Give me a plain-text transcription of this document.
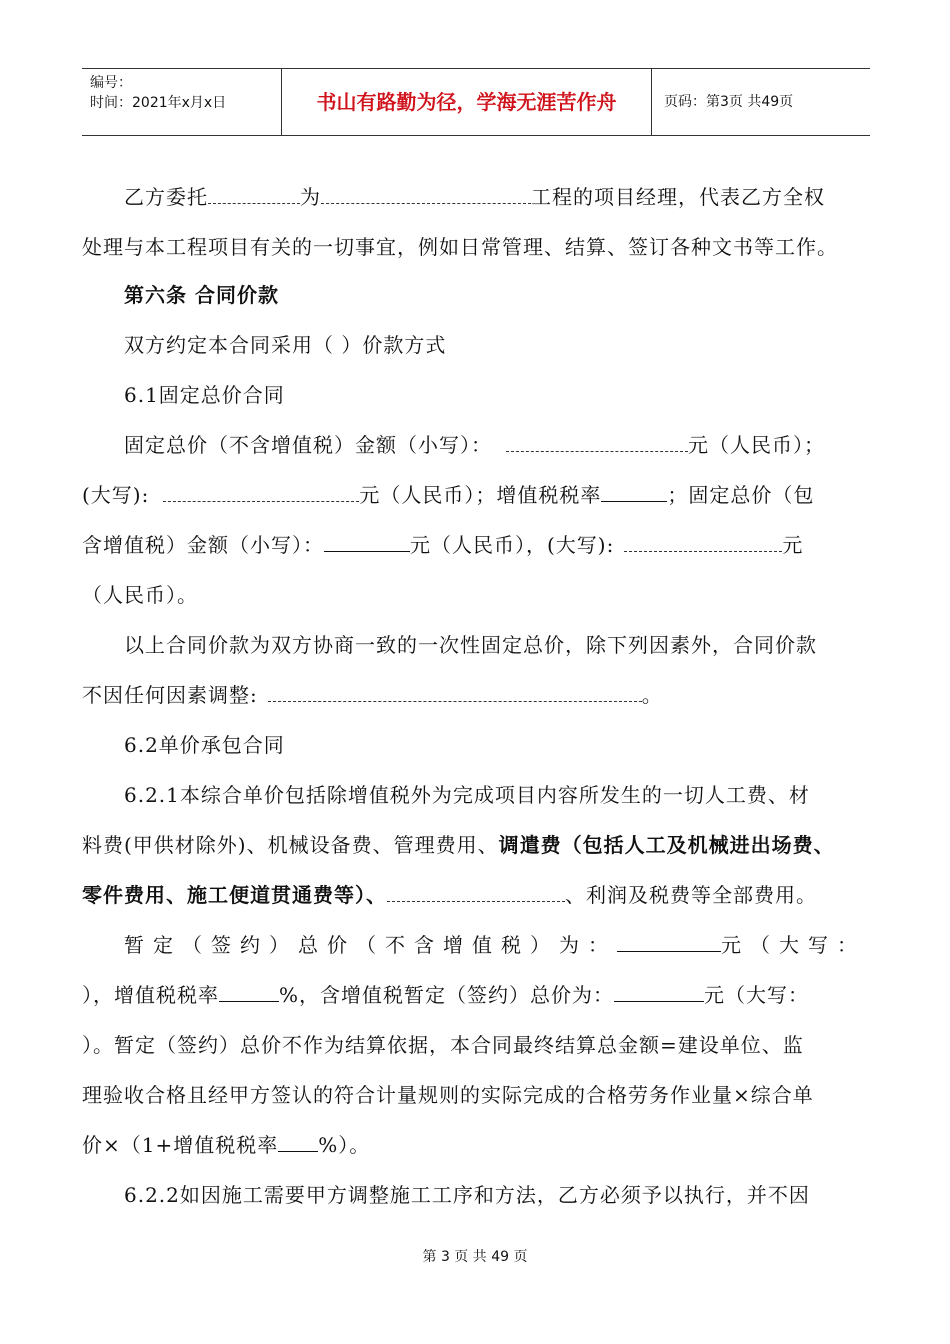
编号：
时间：2021年x月x日	书山有路勤为径，学海无涯苦作舟	页码：第3页 共49页
乙方委托	为	工程的项目经理，代表乙方全权
处理与本工程项目有关的一切事宜，例如日常管理、结算、签订各种文书等工作。
第六条 合同价款
双方约定本合同采用（ ）价款方式
6.1固定总价合同
固定总价（不含增值税）金额（小写）：	元（人民币）；
(大写):	元（人民币）；增值税税率	；固定总价（包
含增值税）金额（小写）：	元（人民币），(大写):	元
（人民币）。
以上合同价款为双方协商一致的一次性固定总价，除下列因素外，合同价款
不因任何因素调整:	。
6.2单价承包合同
6.2.1本综合单价包括除增值税外为完成项目内容所发生的一切人工费、材
料费(甲供材除外)、机械设备费、管理费用、调遣费（包括人工及机械进出场费、
零件费用、施工便道贯通费等）、	、利润及税费等全部费用。
暂定（签约）总价（不含增值税）为：	元（大写：
），增值税税率	%，含增值税暂定（签约）总价为：	元（大写：
）。暂定（签约）总价不作为结算依据，本合同最终结算总金额=建设单位、监
理验收合格且经甲方签认的符合计量规则的实际完成的合格劳务作业量×综合单
价×（1+增值税税率 %）。
6.2.2如因施工需要甲方调整施工工序和方法，乙方必须予以执行，并不因
第 3 页 共 49 页
